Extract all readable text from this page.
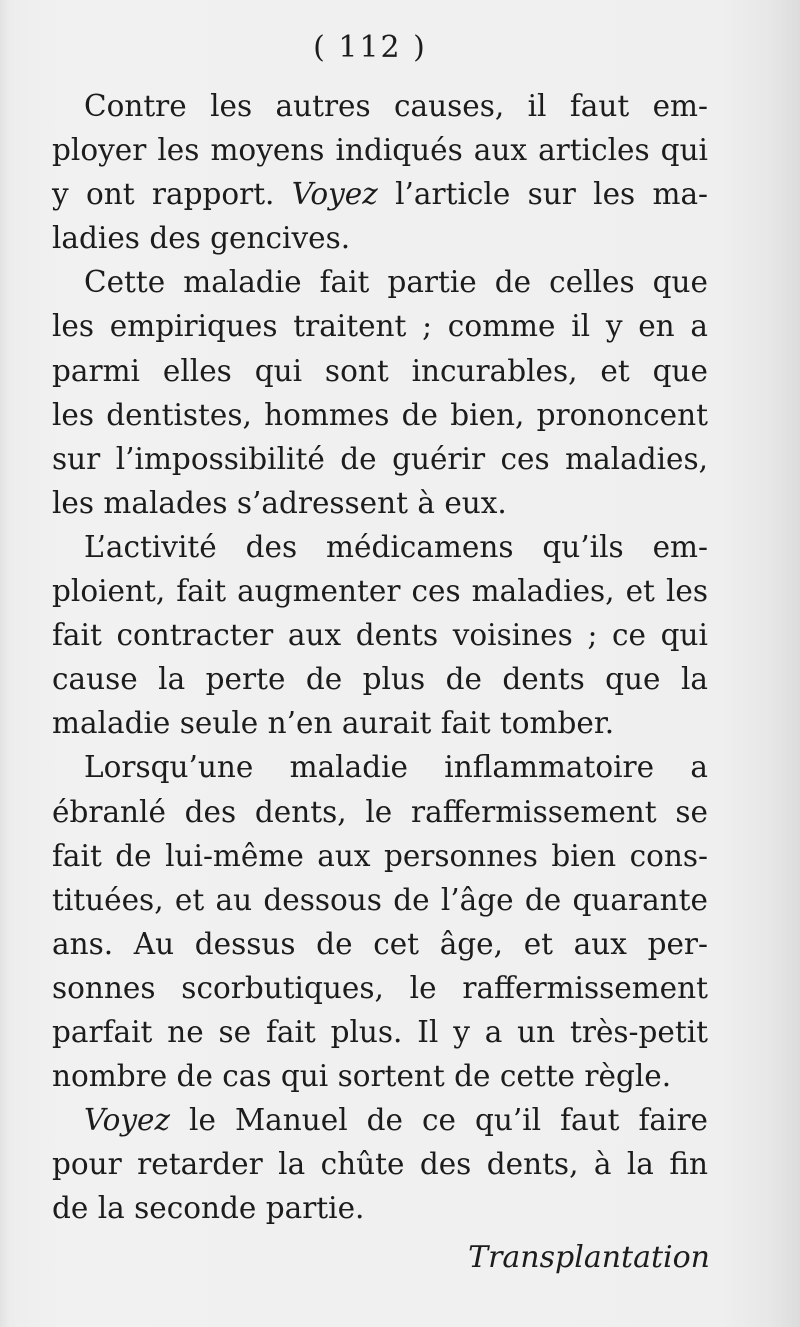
( 112 )
Contre les autres causes, il faut em-
ployer les moyens indiqués aux articles qui
y ont rapport. Voyez l’article sur les ma-
ladies des gencives.
Cette maladie fait partie de celles que
les empiriques traitent ; comme il y en a
parmi elles qui sont incurables, et que
les dentistes, hommes de bien, prononcent
sur l’impossibilité de guérir ces maladies,
les malades s’adressent à eux.
L’activité des médicamens qu’ils em-
ploient, fait augmenter ces maladies, et les
fait contracter aux dents voisines ; ce qui
cause la perte de plus de dents que la
maladie seule n’en aurait fait tomber.
Lorsqu’une maladie inflammatoire a
ébranlé des dents, le raffermissement se
fait de lui-même aux personnes bien cons-
tituées, et au dessous de l’âge de quarante
ans. Au dessus de cet âge, et aux per-
sonnes scorbutiques, le raffermissement
parfait ne se fait plus. Il y a un très-petit
nombre de cas qui sortent de cette règle.
Voyez le Manuel de ce qu’il faut faire
pour retarder la chûte des dents, à la fin
de la seconde partie.
Transplantation
